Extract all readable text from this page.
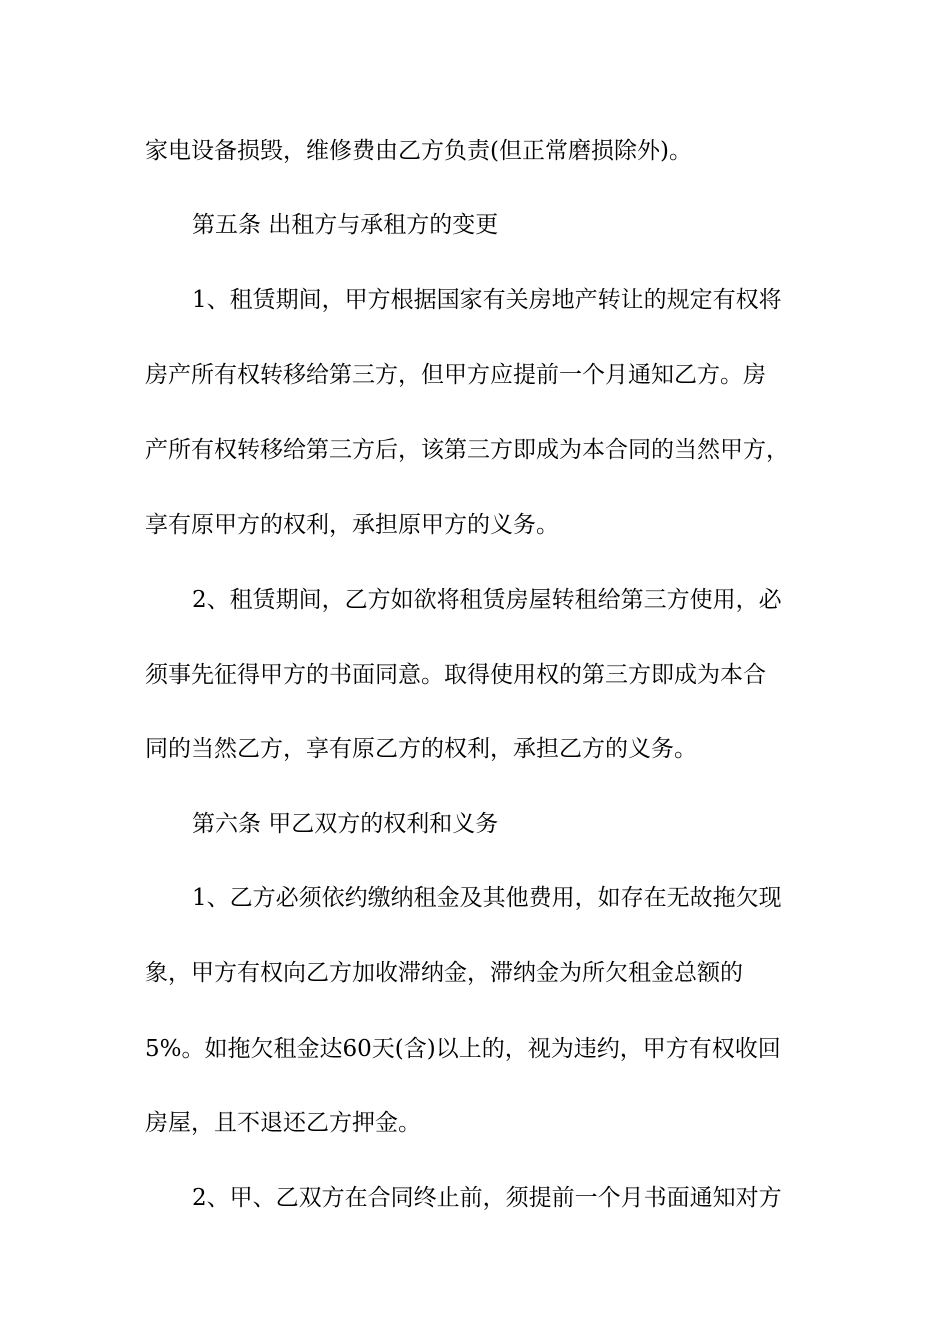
家电设备损毁，维修费由乙方负责(但正常磨损除外)。
第五条 出租方与承租方的变更
1、租赁期间，甲方根据国家有关房地产转让的规定有权将
房产所有权转移给第三方，但甲方应提前一个月通知乙方。房
产所有权转移给第三方后，该第三方即成为本合同的当然甲方，
享有原甲方的权利，承担原甲方的义务。
2、租赁期间，乙方如欲将租赁房屋转租给第三方使用，必
须事先征得甲方的书面同意。取得使用权的第三方即成为本合
同的当然乙方，享有原乙方的权利，承担乙方的义务。
第六条 甲乙双方的权利和义务
1、乙方必须依约缴纳租金及其他费用，如存在无故拖欠现
象，甲方有权向乙方加收滞纳金，滞纳金为所欠租金总额的
5%。如拖欠租金达60天(含)以上的，视为违约，甲方有权收回
房屋，且不退还乙方押金。
2、甲、乙双方在合同终止前，须提前一个月书面通知对方
